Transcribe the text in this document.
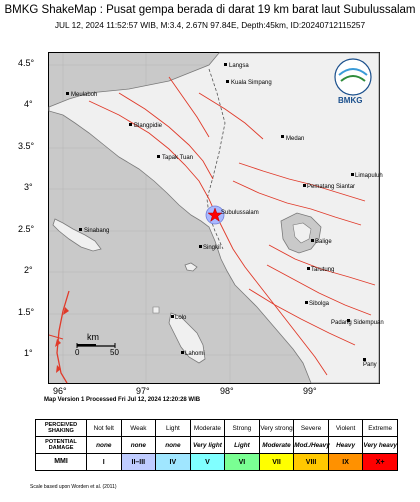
BMKG ShakeMap : Pusat gempa berada di darat 19 km barat laut Subulussalam
JUL 12, 2024 11:52:57 WIB, M:3.4, 2.67N 97.84E, Depth:45km, ID:20240712115257
4.5°
4°
3.5°
3°
2.5°
2°
1.5°
1°
96°	97°	98°	99°
Langsa
Kuala Simpang
Meulaboh
Blangpidie
Medan
Limapuluh
Tapak Tuan
Pematang Siantar
Subulussalam
Sinabang
Balige
Singkil
Tarutung
Sibolga
Lolo
Padang Sidempuan
Lahomi
Pany
BMKG
km
0	50
Map Version 1 Processed Fri Jul 12, 2024 12:20:28 WIB
PERCEIVED SHAKING	Not felt	Weak	Light	Moderate	Strong	Very strong	Severe	Violent	Extreme
POTENTIAL DAMAGE	none	none	none	Very light	Light	Moderate	Mod./Heavy	Heavy	Very heavy
MMI	I	II–III	IV	V	VI	VII	VIII	IX	X+
Scale based upon Worden et al. (2011)
